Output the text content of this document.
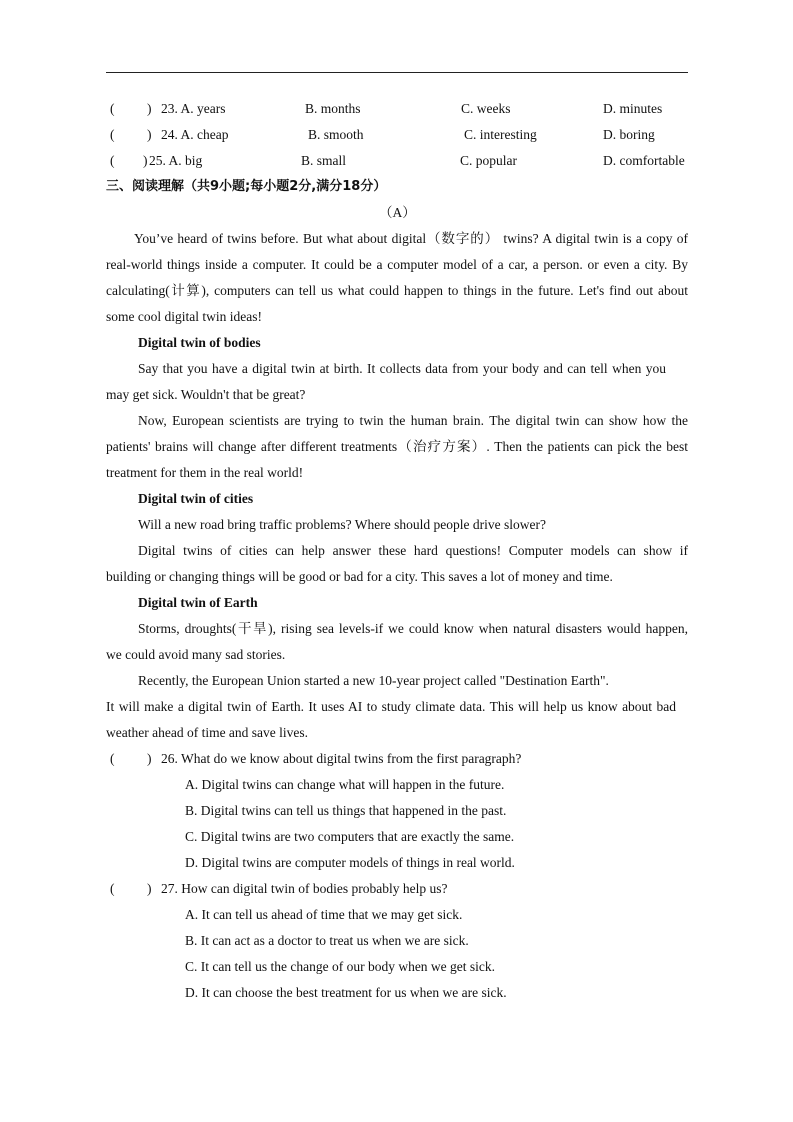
( ) 23. A. years	B. months	C. weeks	D. minutes
( ) 24. A. cheap	B. smooth	C. interesting	D. boring
( ) 25. A. big	B. small	C. popular	D. comfortable
三、阅读理解（共9小题;每小题2分,满分18分）
（A）
You’ve heard of twins before. But what about digital（数字的） twins? A digital twin is a copy of
real-world things inside a computer. It could be a computer model of a car, a person. or even a city. By
calculating(计算), computers can tell us what could happen to things in the future. Let's find out about
some cool digital twin ideas!
Digital twin of bodies
Say that you have a digital twin at birth. It collects data from your body and can tell when you
may get sick. Wouldn't that be great?
Now, European scientists are trying to twin the human brain. The digital twin can show how the
patients' brains will change after different treatments（治疗方案）. Then the patients can pick the best
treatment for them in the real world!
Digital twin of cities
Will a new road bring traffic problems? Where should people drive slower?
Digital twins of cities can help answer these hard questions! Computer models can show if
building or changing things will be good or bad for a city. This saves a lot of money and time.
Digital twin of Earth
Storms, droughts(干旱), rising sea levels-if we could know when natural disasters would happen,
we could avoid many sad stories.
Recently, the European Union started a new 10-year project called "Destination Earth".
It will make a digital twin of Earth. It uses AI to study climate data. This will help us know about bad
weather ahead of time and save lives.
( ) 26. What do we know about digital twins from the first paragraph?
A. Digital twins can change what will happen in the future.
B. Digital twins can tell us things that happened in the past.
C. Digital twins are two computers that are exactly the same.
D. Digital twins are computer models of things in real world.
( ) 27. How can digital twin of bodies probably help us?
A. It can tell us ahead of time that we may get sick.
B. It can act as a doctor to treat us when we are sick.
C. It can tell us the change of our body when we get sick.
D. It can choose the best treatment for us when we are sick.
